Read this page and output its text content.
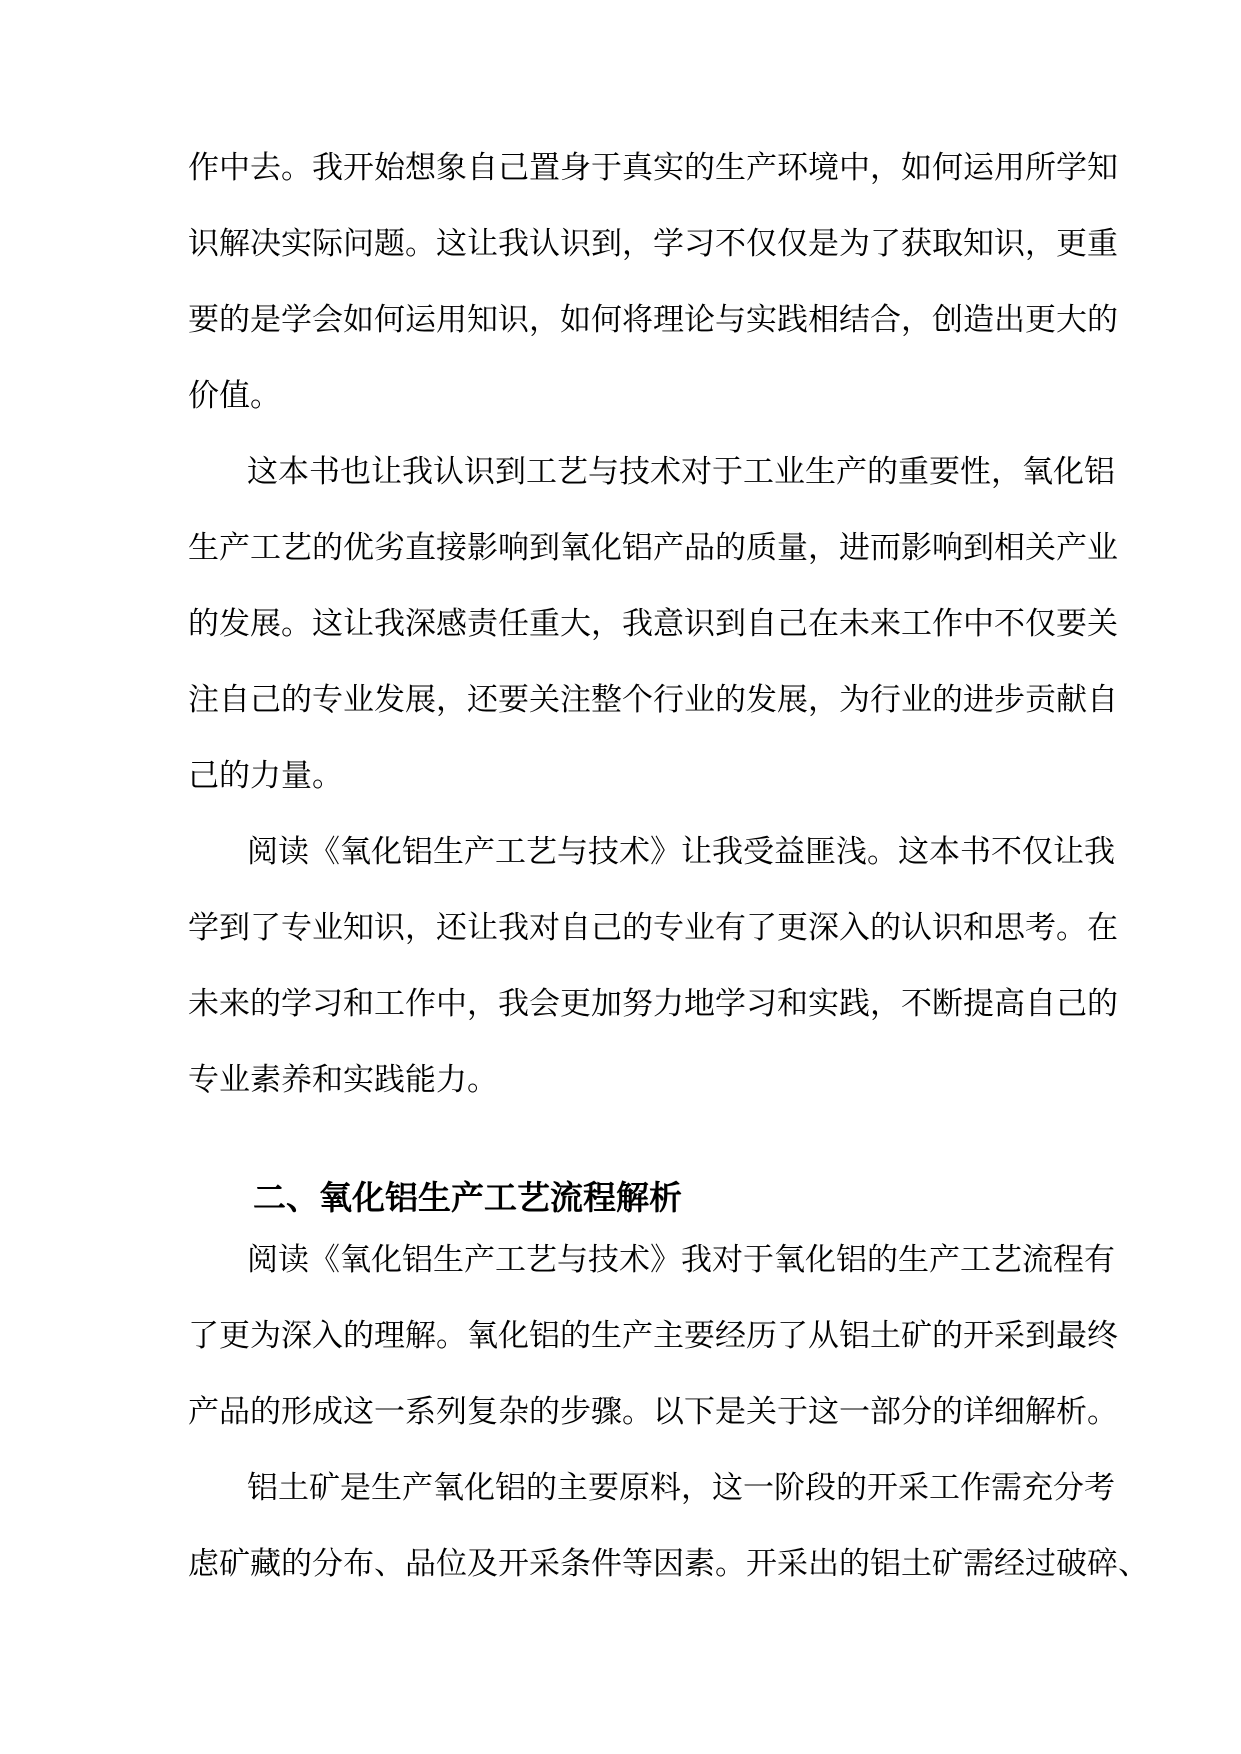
作中去。我开始想象自己置身于真实的生产环境中，如何运用所学知
识解决实际问题。这让我认识到，学习不仅仅是为了获取知识，更重
要的是学会如何运用知识，如何将理论与实践相结合，创造出更大的
价值。
这本书也让我认识到工艺与技术对于工业生产的重要性，氧化铝
生产工艺的优劣直接影响到氧化铝产品的质量，进而影响到相关产业
的发展。这让我深感责任重大，我意识到自己在未来工作中不仅要关
注自己的专业发展，还要关注整个行业的发展，为行业的进步贡献自
己的力量。
阅读《氧化铝生产工艺与技术》让我受益匪浅。这本书不仅让我
学到了专业知识，还让我对自己的专业有了更深入的认识和思考。在
未来的学习和工作中，我会更加努力地学习和实践，不断提高自己的
专业素养和实践能力。
二、氧化铝生产工艺流程解析
阅读《氧化铝生产工艺与技术》我对于氧化铝的生产工艺流程有
了更为深入的理解。氧化铝的生产主要经历了从铝土矿的开采到最终
产品的形成这一系列复杂的步骤。以下是关于这一部分的详细解析。
铝土矿是生产氧化铝的主要原料，这一阶段的开采工作需充分考
虑矿藏的分布、品位及开采条件等因素。开采出的铝土矿需经过破碎、
